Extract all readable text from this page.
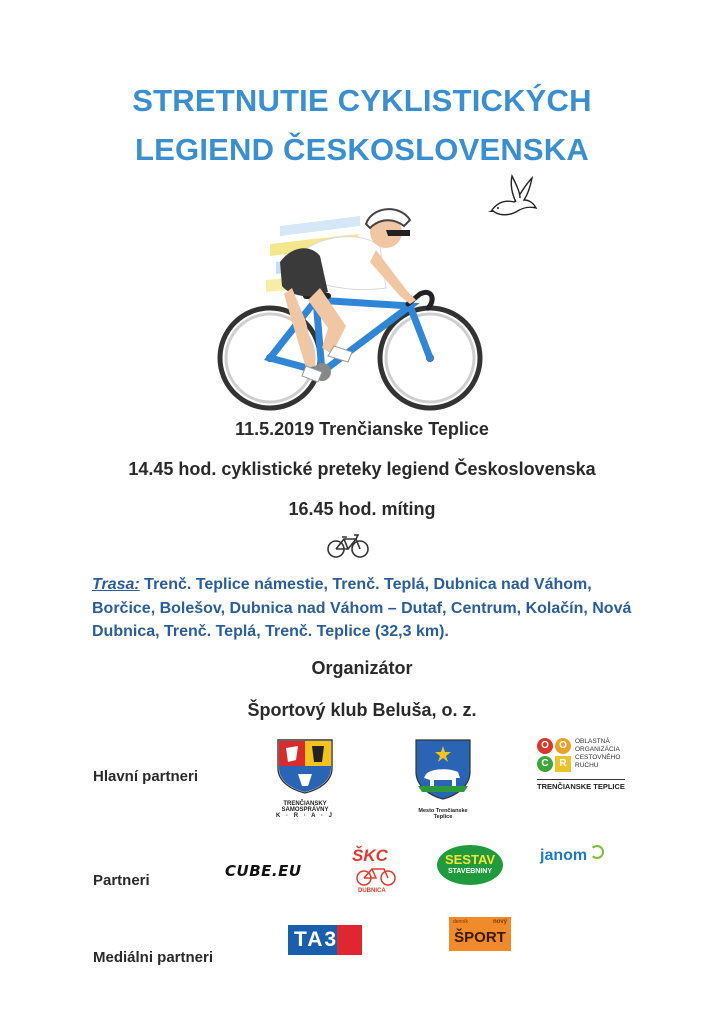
STRETNUTIE CYKLISTICKÝCH
LEGIEND ČESKOSLOVENSKA
11.5.2019 Trenčianske Teplice
14.45 hod. cyklistické preteky legiend Československa
16.45 hod. míting
Trasa: Trenč. Teplice námestie, Trenč. Teplá, Dubnica nad Váhom, Borčice, Bolešov, Dubnica nad Váhom – Dutaf, Centrum, Kolačín, Nová Dubnica, Trenč. Teplá, Trenč. Teplice (32,3 km).
Organizátor
Športový klub Beluša, o. z.
Hlavní partneri
Partneri
Mediálni partneri
TRENČIANSKY
SAMOSPRÁVNY
K · R · A · J
Mesto Trenčianske Teplice
O	O
C	R
OBLASTNÁ
ORGANIZÁCIA
CESTOVNÉHO
RUCHU
TRENČIANSKE TEPLICE
CUBE.EU
ŠKC
DUBNICA
SESTAV
STAVEBNINY
janom
TA3
denník	nový
ŠPORT
